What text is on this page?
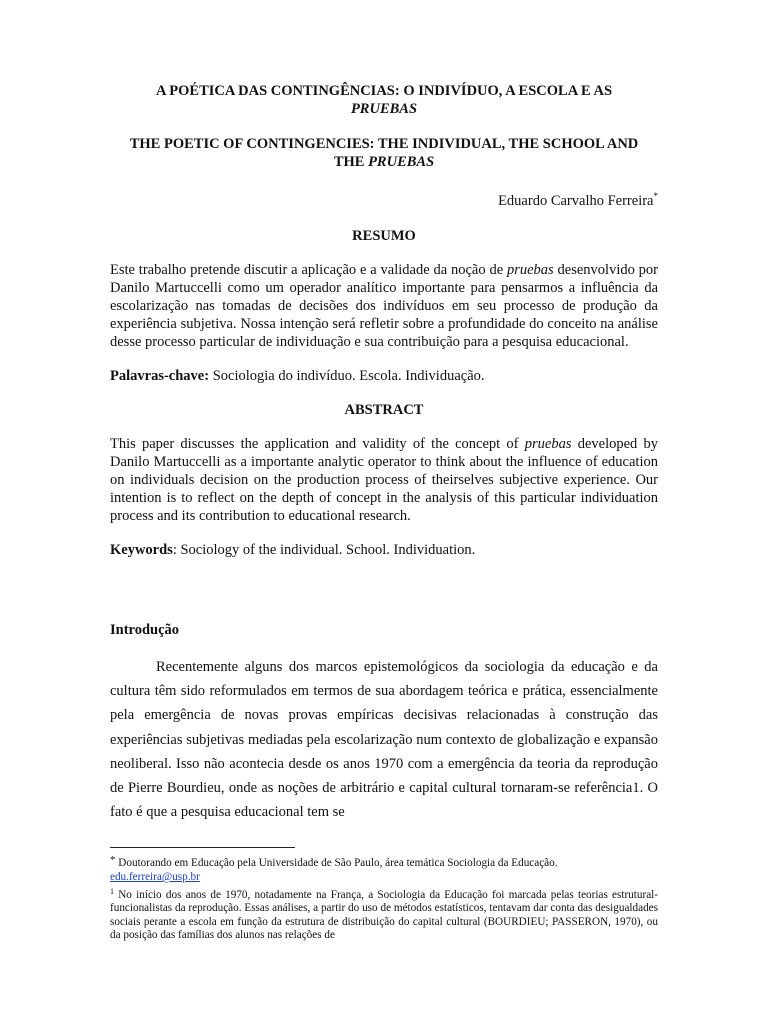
A POÉTICA DAS CONTINGÊNCIAS: O INDIVÍDUO, A ESCOLA E AS
PRUEBAS

THE POETIC OF CONTINGENCIES: THE INDIVIDUAL, THE SCHOOL AND
THE PRUEBAS

Eduardo Carvalho Ferreira*

RESUMO

Este trabalho pretende discutir a aplicação e a validade da noção de pruebas desenvolvido por Danilo Martuccelli como um operador analítico importante para pensarmos a influência da escolarização nas tomadas de decisões dos indivíduos em seu processo de produção da experiência subjetiva. Nossa intenção será refletir sobre a profundidade do conceito na análise desse processo particular de individuação e sua contribuição para a pesquisa educacional.

Palavras-chave: Sociologia do indivíduo. Escola. Individuação.

ABSTRACT

This paper discusses the application and validity of the concept of pruebas developed by Danilo Martuccelli as a importante analytic operator to think about the influence of education on individuals decision on the production process of theirselves subjective experience. Our intention is to reflect on the depth of concept in the analysis of this particular individuation process and its contribution to educational research.

Keywords: Sociology of the individual. School. Individuation.

Introdução

Recentemente alguns dos marcos epistemológicos da sociologia da educação e da cultura têm sido reformulados em termos de sua abordagem teórica e prática, essencialmente pela emergência de novas provas empíricas decisivas relacionadas à construção das experiências subjetivas mediadas pela escolarização num contexto de globalização e expansão neoliberal. Isso não acontecia desde os anos 1970 com a emergência da teoria da reprodução de Pierre Bourdieu, onde as noções de arbitrário e capital cultural tornaram-se referência1. O fato é que a pesquisa educacional tem se

* Doutorando em Educação pela Universidade de São Paulo, área temática Sociologia da Educação.
edu.ferreira@usp.br

$^1$ No início dos anos de 1970, notadamente na França, a Sociologia da Educação foi marcada pelas teorias estrutural-funcionalistas da reprodução. Essas análises, a partir do uso de métodos estatísticos, tentavam dar conta das desigualdades sociais perante a escola em função da estrutura de distribuição do capital cultural (BOURDIEU; PASSERON, 1970), ou da posição das famílias dos alunos nas relações de
